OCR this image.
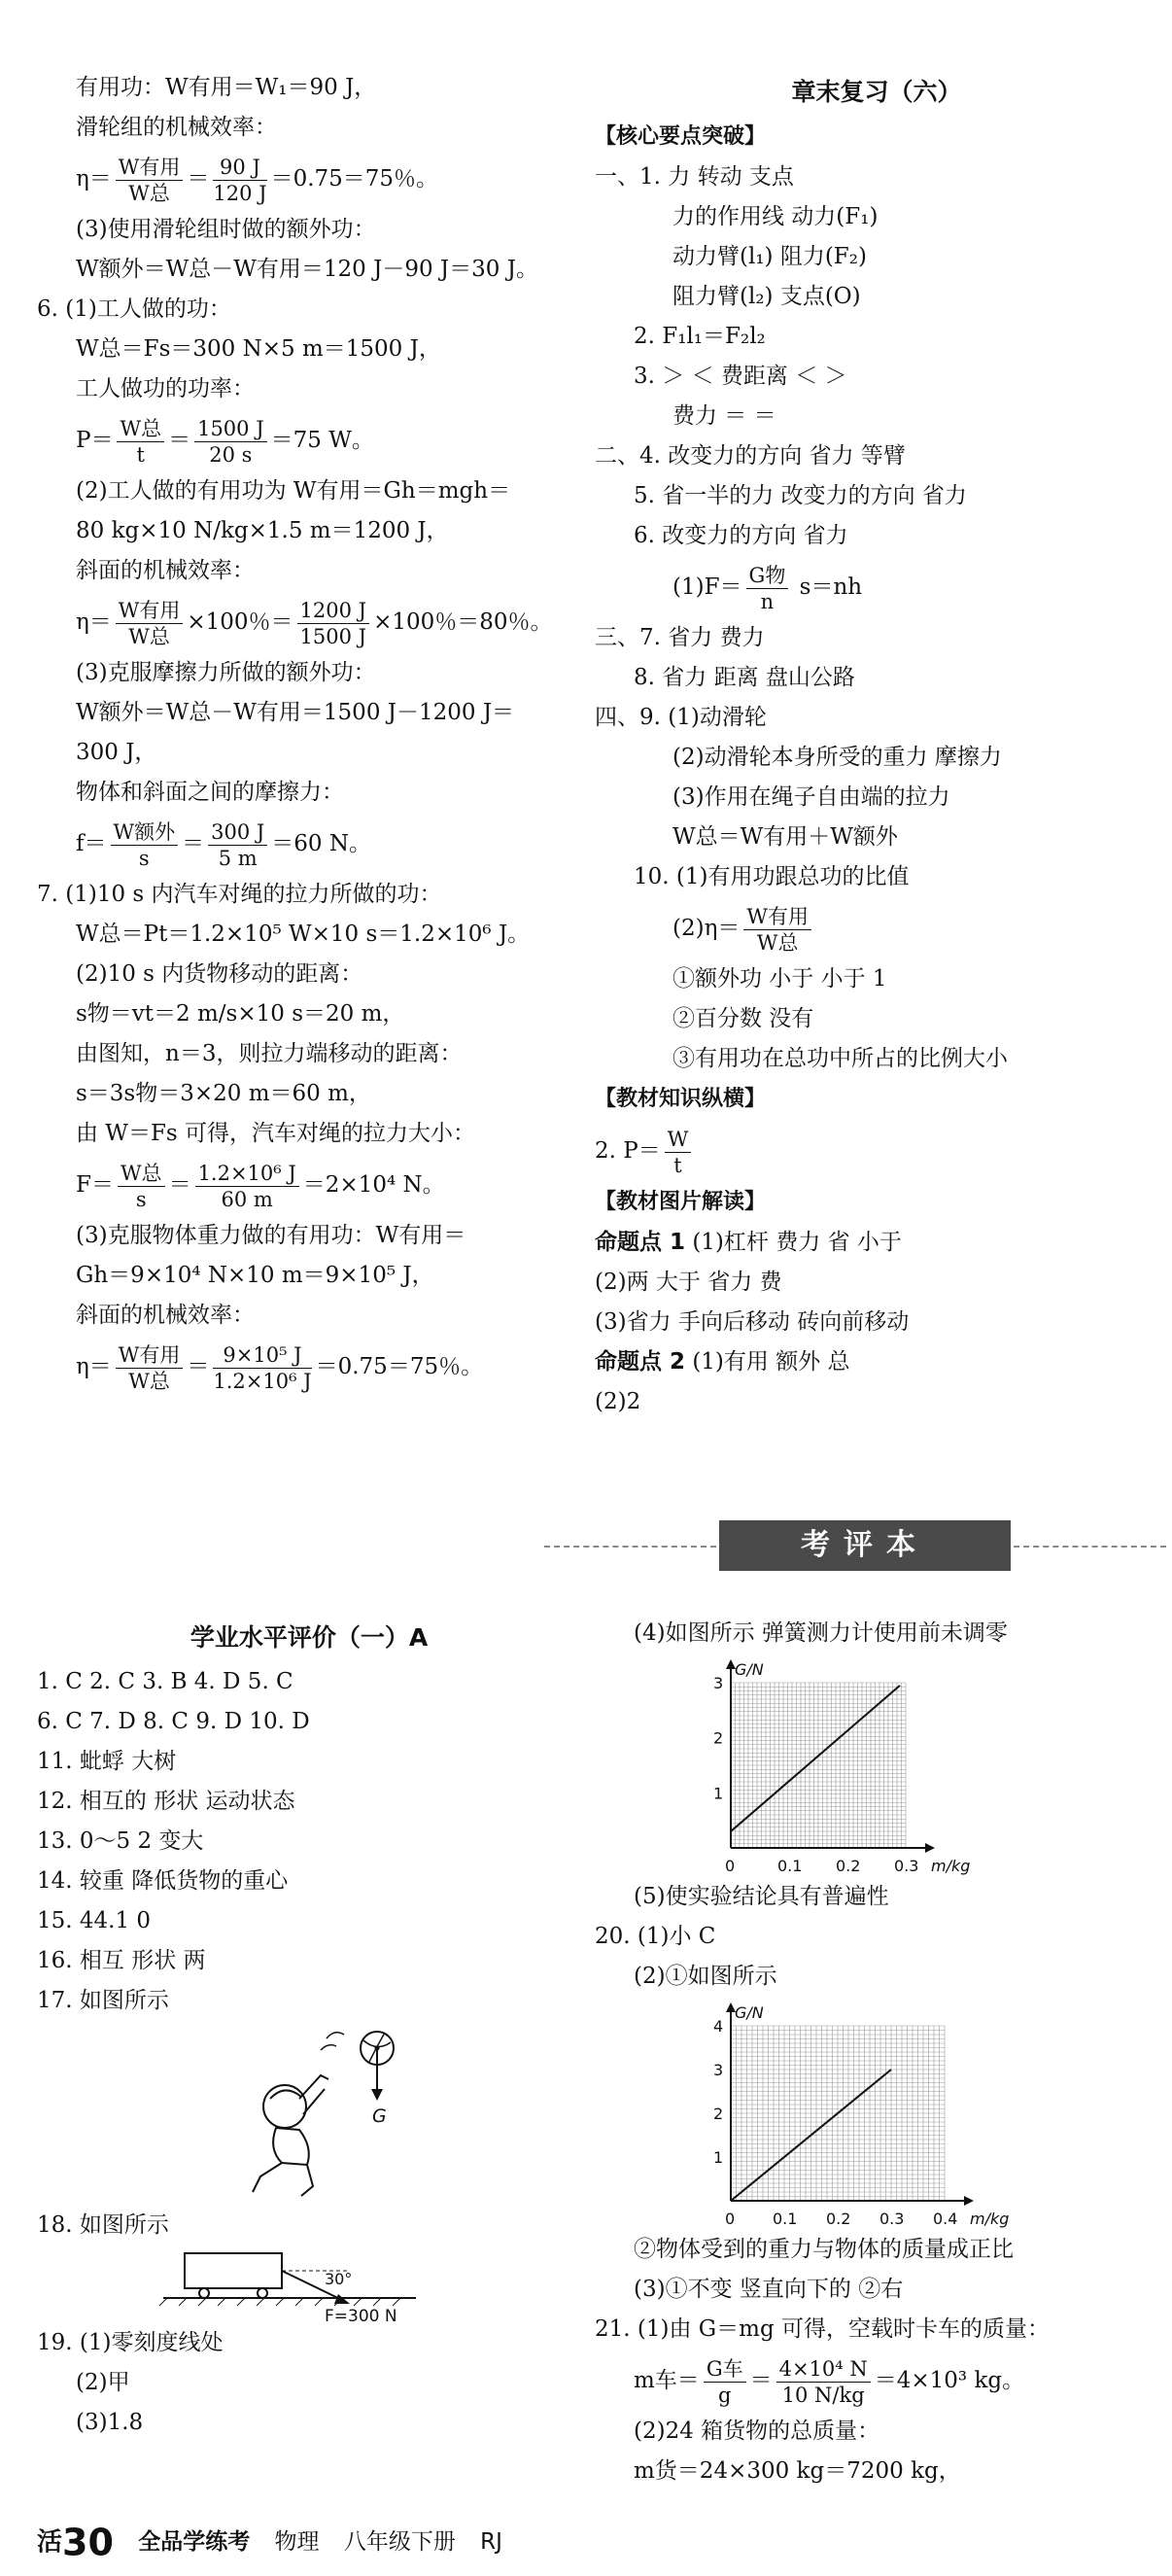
有用功：W有用＝W₁＝90 J，
滑轮组的机械效率：
$\eta= \frac{\text{W有用}}{\text{W总}} = \frac{90 J}{120 J} =0.75=75$％。
(3)使用滑轮组时做的额外功：
W额外＝W总－W有用＝120 J－90 J＝30 J。
6. (1)工人做的功：
W总＝Fs＝300 N×5 m＝1500 J，
工人做功的功率：
$P= \frac{\text{W总}}{t} = \frac{1500 J}{20 s} =75$ W。
(2)工人做的有用功为 W有用＝Gh＝mgh＝
80 kg×10 N/kg×1.5 m＝1200 J，
斜面的机械效率：
$\eta= \frac{\text{W有用}}{\text{W总}} \times 100$％＝ $\frac{1200 J}{1500 J} \times 100$％＝80％。
(3)克服摩擦力所做的额外功：
W额外＝W总－W有用＝1500 J－1200 J＝
300 J，
物体和斜面之间的摩擦力：
$f= \frac{\text{W额外}}{s} = \frac{300 J}{5 m} =60$ N。
7. (1)10 s 内汽车对绳的拉力所做的功：
W总＝Pt＝1.2×10⁵ W×10 s＝1.2×10⁶ J。
(2)10 s 内货物移动的距离：
s物＝vt＝2 m/s×10 s＝20 m，
由图知，n＝3，则拉力端移动的距离：
s＝3s物＝3×20 m＝60 m，
由 W＝Fs 可得，汽车对绳的拉力大小：
$F= \frac{\text{W总}}{s} = \frac{\text{1.2×10⁶ J}}{60 m} =2\times 10^4$ N。
(3)克服物体重力做的有用功：W有用＝
Gh＝9×10⁴ N×10 m＝9×10⁵ J，
斜面的机械效率：
$\eta= \frac{\text{W有用}}{\text{W总}} = \frac{\text{9×10⁵ J}}{\text{1.2×10⁶ J}} =0.75=75$％。
章末复习（六）
【核心要点突破】
一、1. 力 转动 支点
力的作用线 动力(F₁)
动力臂(l₁) 阻力(F₂)
阻力臂(l₂) 支点(O)
2. F₁l₁＝F₂l₂
3. ＞ ＜ 费距离 ＜ ＞
费力 ＝ ＝
二、4. 改变力的方向 省力 等臂
5. 省一半的力 改变力的方向 省力
6. 改变力的方向 省力
$(1)F= \frac{\text{G物}}{n} s=nh$
三、7. 省力 费力
8. 省力 距离 盘山公路
四、9. (1)动滑轮
(2)动滑轮本身所受的重力 摩擦力
(3)作用在绳子自由端的拉力
W总＝W有用＋W额外
10. (1)有用功跟总功的比值
$(2)\eta= \frac{\text{W有用}}{\text{W总}}$
①额外功 小于 小于 1
②百分数 没有
③有用功在总功中所占的比例大小
【教材知识纵横】
2. $P= \frac{W}{t}$
【教材图片解读】
命题点 1 (1)杠杆 费力 省 小于
(2)两 大于 省力 费
(3)省力 手向后移动 砖向前移动
命题点 2 (1)有用 额外 总
(2)2
考评本
学业水平评价（一）A
1. C 2. C 3. B 4. D 5. C
6. C 7. D 8. C 9. D 10. D
11. 蚍蜉 大树
12. 相互的 形状 运动状态
13. 0～5 2 变大
14. 较重 降低货物的重心
15. 44.1 0
16. 相互 形状 两
17. 如图所示
G
18. 如图所示
30°
F=300 N
19. (1)零刻度线处
(2)甲
(3)1.8
(4)如图所示 弹簧测力计使用前未调零
G/N
m/kg
0	0.1 0.2 0.3
1
2
3
(5)使实验结论具有普遍性
20. (1)小 C
(2)①如图所示
G/N
m/kg
0 0.1 0.2 0.3 0.4
1
2
3
4
②物体受到的重力与物体的质量成正比
(3)①不变 竖直向下的 ②右
21. (1)由 G＝mg 可得，空载时卡车的质量：
m车＝ $\frac{\text{G车}}{g} = \frac{\text{4×10⁴ N}}{10 N/kg} =4\times 10^3$ kg。
(2)24 箱货物的总质量：
m货＝24×300 kg＝7200 kg，
活30 全品学练考 物理 八年级下册 RJ
